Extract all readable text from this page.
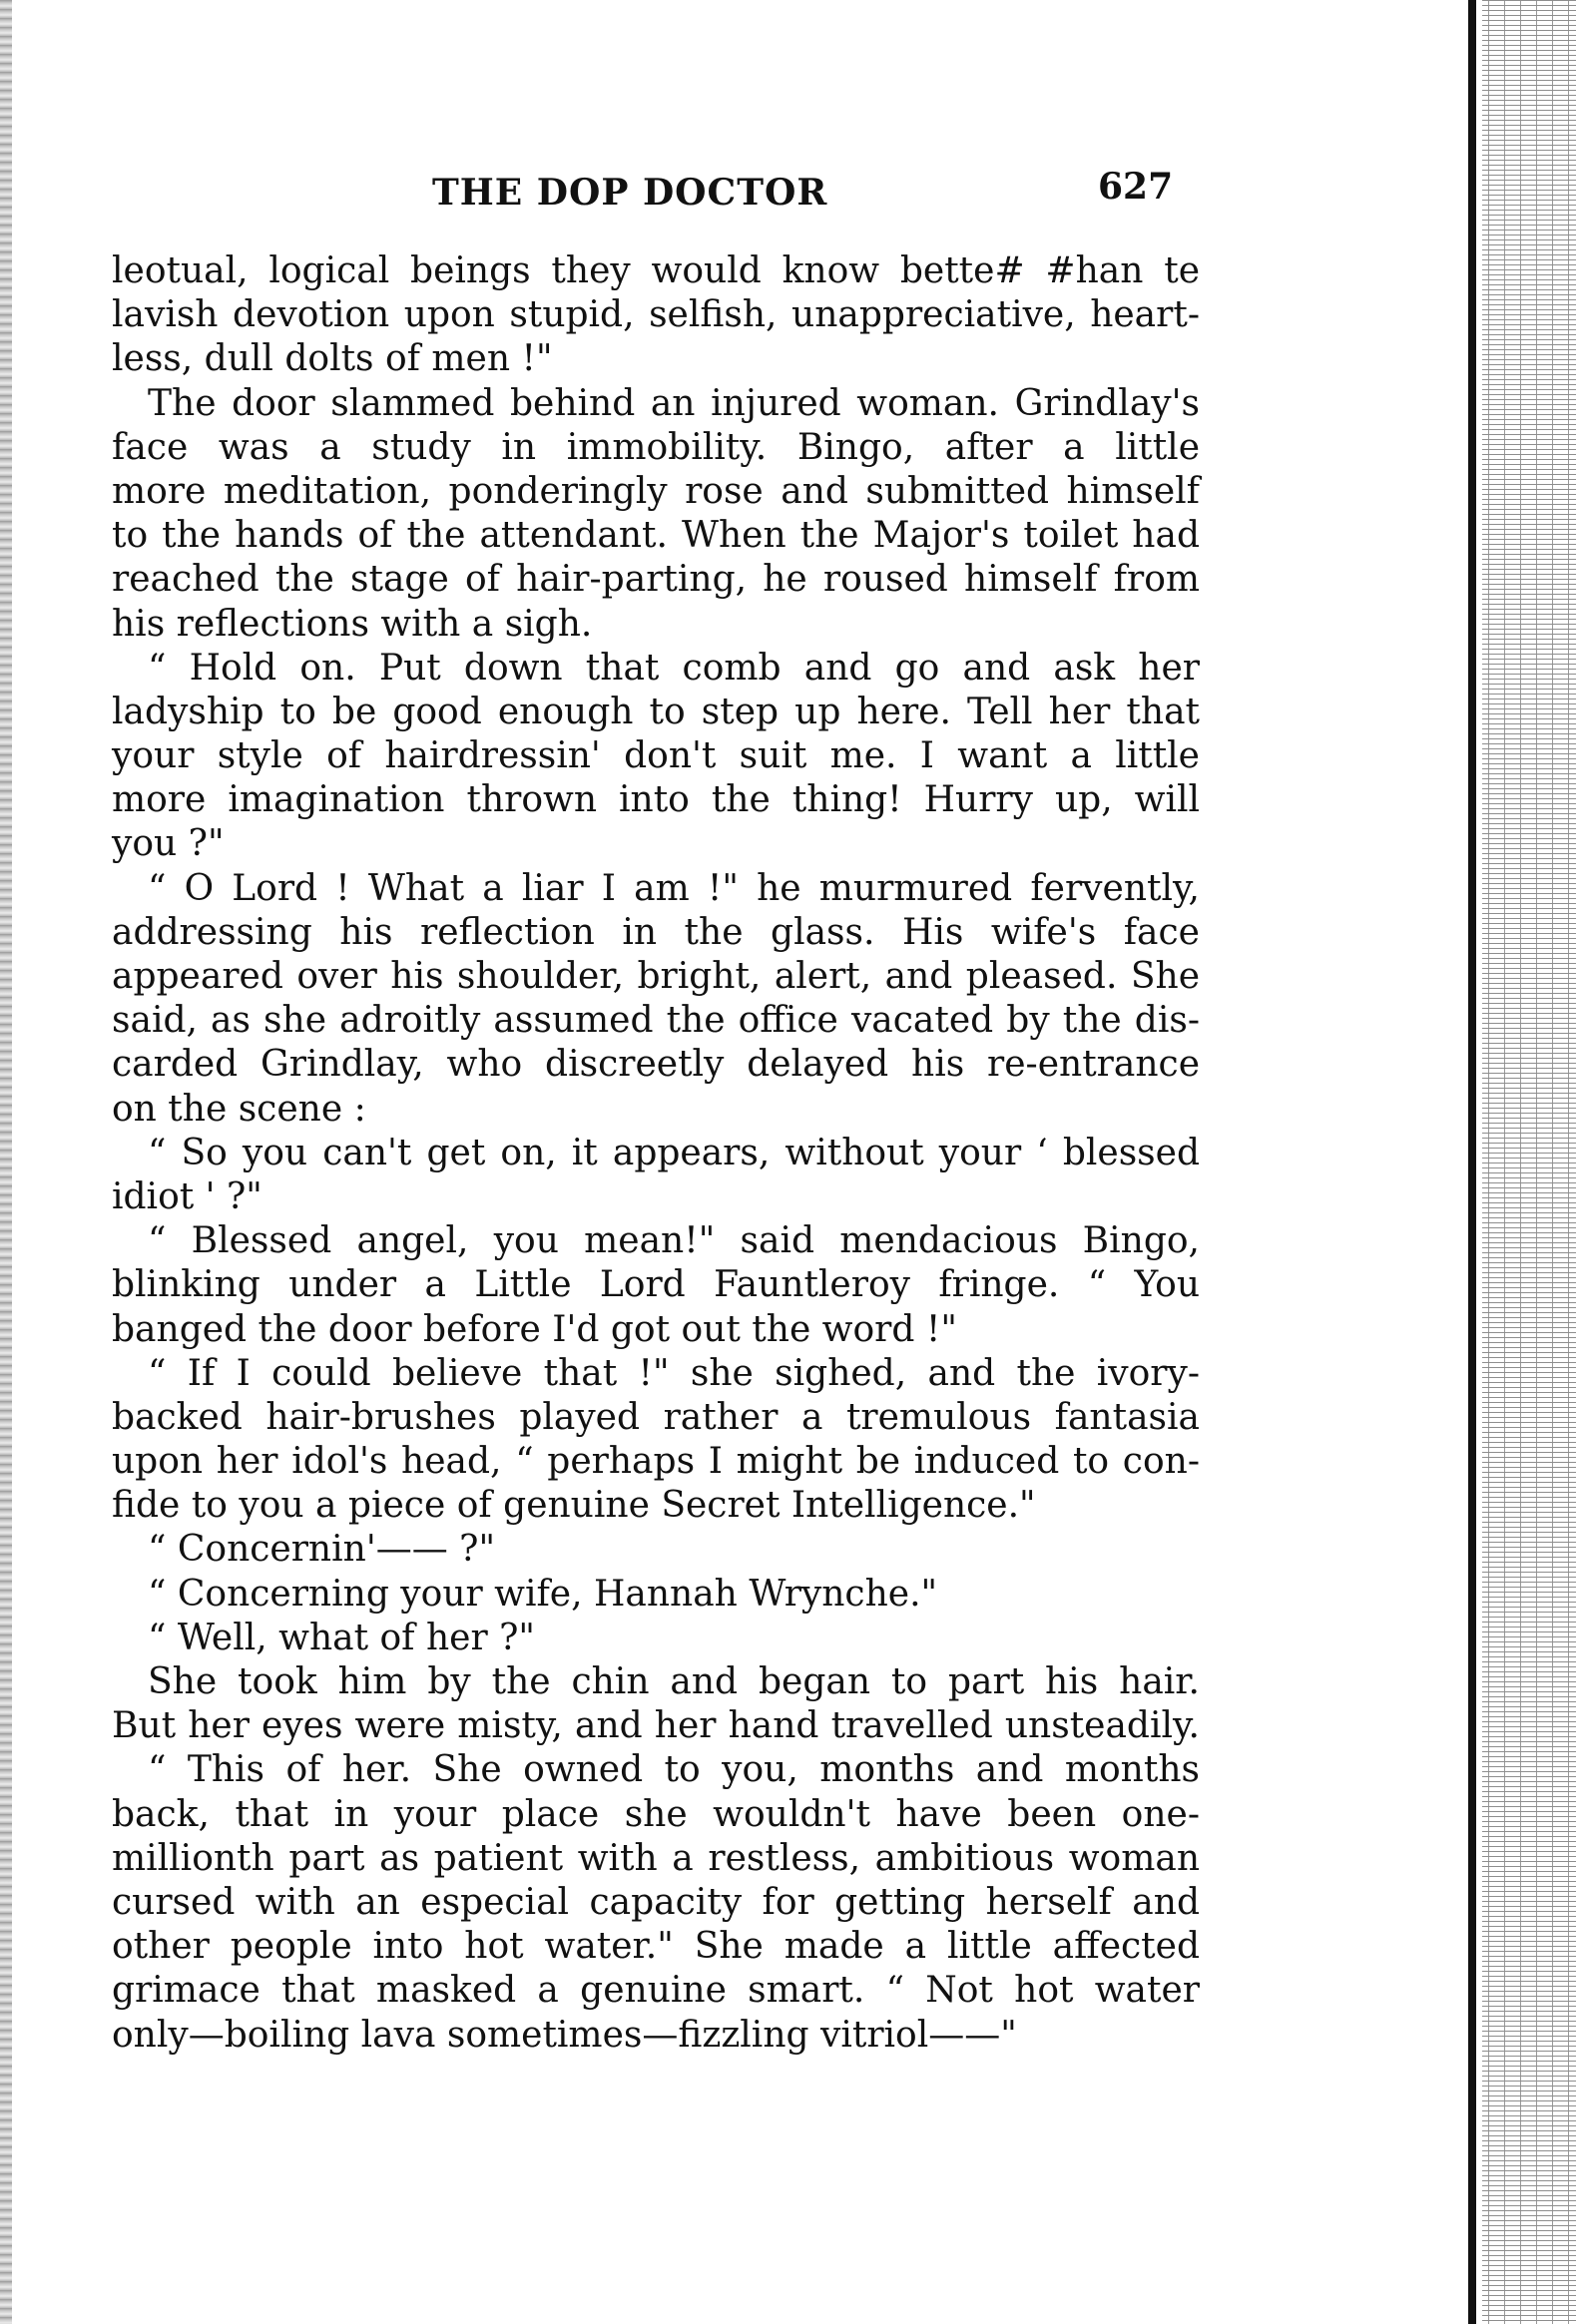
THE DOP DOCTOR	627
leotual, logical beings they would know bette# #han te
lavish devotion upon stupid, selfish, unappreciative, heart-
less, dull dolts of men !"
The door slammed behind an injured woman. Grindlay's
face was a study in immobility. Bingo, after a little
more meditation, ponderingly rose and submitted himself
to the hands of the attendant. When the Major's toilet had
reached the stage of hair-parting, he roused himself from
his reflections with a sigh.
“ Hold on. Put down that comb and go and ask her
ladyship to be good enough to step up here. Tell her that
your style of hairdressin' don't suit me. I want a little
more imagination thrown into the thing! Hurry up, will
you ?"
“ O Lord ! What a liar I am !" he murmured fervently,
addressing his reflection in the glass. His wife's face
appeared over his shoulder, bright, alert, and pleased. She
said, as she adroitly assumed the office vacated by the dis-
carded Grindlay, who discreetly delayed his re-entrance
on the scene :
“ So you can't get on, it appears, without your ‘ blessed
idiot ' ?"
“ Blessed angel, you mean!" said mendacious Bingo,
blinking under a Little Lord Fauntleroy fringe. “ You
banged the door before I'd got out the word !"
“ If I could believe that !" she sighed, and the ivory-
backed hair-brushes played rather a tremulous fantasia
upon her idol's head, “ perhaps I might be induced to con-
fide to you a piece of genuine Secret Intelligence."
“ Concernin'—— ?"
“ Concerning your wife, Hannah Wrynche."
“ Well, what of her ?"
She took him by the chin and began to part his hair.
But her eyes were misty, and her hand travelled unsteadily.
“ This of her. She owned to you, months and months
back, that in your place she wouldn't have been one-
millionth part as patient with a restless, ambitious woman
cursed with an especial capacity for getting herself and
other people into hot water." She made a little affected
grimace that masked a genuine smart. “ Not hot water
only—boiling lava sometimes—fizzling vitriol——"
